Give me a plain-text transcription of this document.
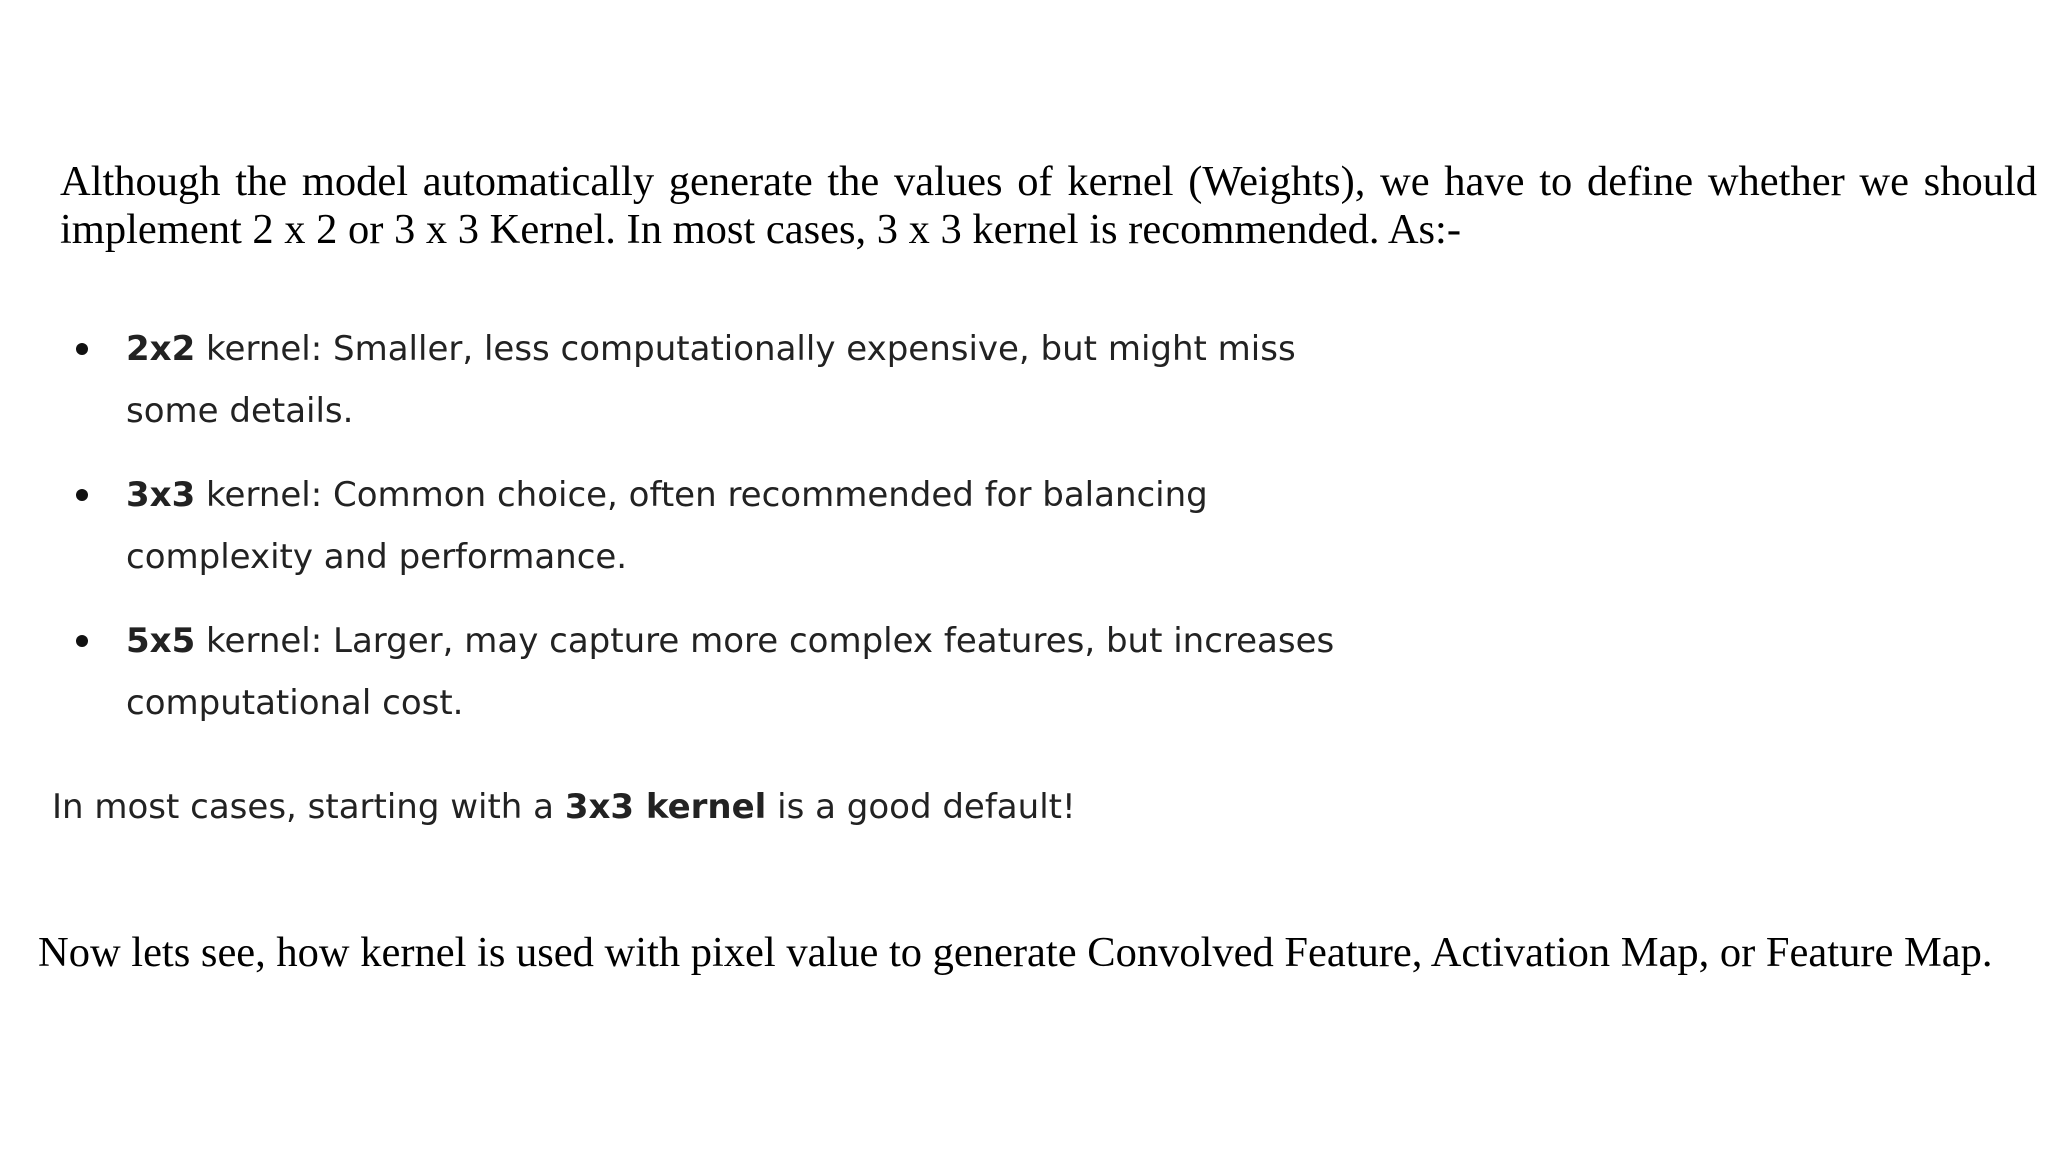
Although the model automatically generate the values of kernel (Weights), we have to define whether we should implement 2 x 2 or 3 x 3 Kernel. In most cases, 3 x 3 kernel is recommended. As:-

2x2 kernel: Smaller, less computationally expensive, but might miss some details.
3x3 kernel: Common choice, often recommended for balancing complexity and performance.
5x5 kernel: Larger, may capture more complex features, but increases computational cost.

In most cases, starting with a 3x3 kernel is a good default!

Now lets see, how kernel is used with pixel value to generate Convolved Feature, Activation Map, or Feature Map.
